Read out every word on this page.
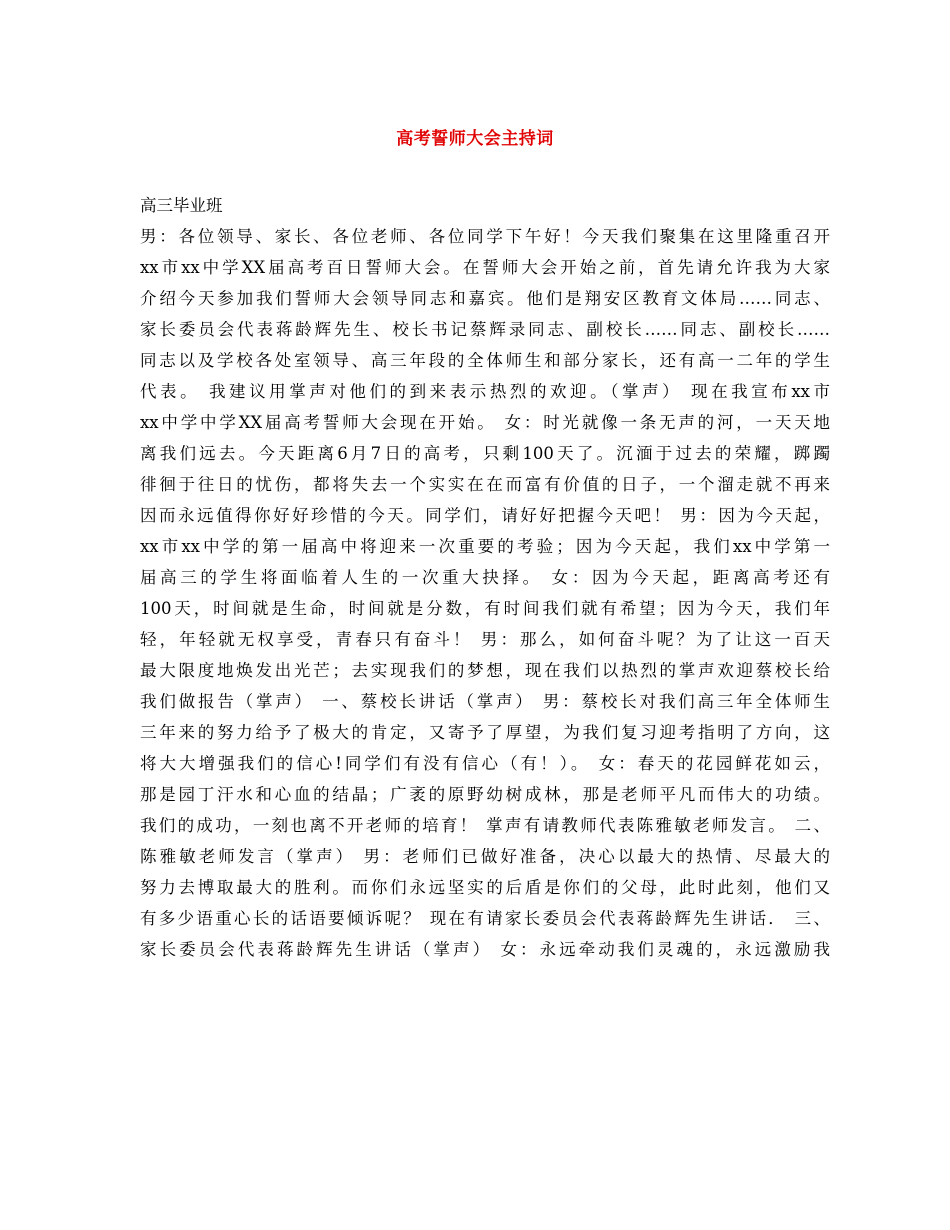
高考誓师大会主持词
高三毕业班
男：各位领导、家长、各位老师、各位同学下午好！今天我们聚集在这里隆重召开
xx市xx中学XX届高考百日誓师大会。在誓师大会开始之前，首先请允许我为大家
介绍今天参加我们誓师大会领导同志和嘉宾。他们是翔安区教育文体局……同志、
家长委员会代表蒋龄辉先生、校长书记蔡辉录同志、副校长……同志、副校长……
同志以及学校各处室领导、高三年段的全体师生和部分家长，还有高一二年的学生
代表。 我建议用掌声对他们的到来表示热烈的欢迎。（掌声） 现在我宣布xx市
xx中学中学XX届高考誓师大会现在开始。 女：时光就像一条无声的河，一天天地
离我们远去。今天距离6月7日的高考，只剩100天了。沉湎于过去的荣耀，踯躅
徘徊于往日的忧伤，都将失去一个实实在在而富有价值的日子，一个溜走就不再来
因而永远值得你好好珍惜的今天。同学们，请好好把握今天吧！ 男：因为今天起，
xx市xx中学的第一届高中将迎来一次重要的考验；因为今天起，我们xx中学第一
届高三的学生将面临着人生的一次重大抉择。 女：因为今天起，距离高考还有
100天，时间就是生命，时间就是分数，有时间我们就有希望；因为今天，我们年
轻，年轻就无权享受，青春只有奋斗！ 男：那么，如何奋斗呢？为了让这一百天
最大限度地焕发出光芒；去实现我们的梦想，现在我们以热烈的掌声欢迎蔡校长给
我们做报告（掌声） 一、蔡校长讲话（掌声） 男：蔡校长对我们高三年全体师生
三年来的努力给予了极大的肯定，又寄予了厚望，为我们复习迎考指明了方向，这
将大大增强我们的信心!同学们有没有信心（有！）。 女：春天的花园鲜花如云，
那是园丁汗水和心血的结晶；广袤的原野幼树成林，那是老师平凡而伟大的功绩。
我们的成功，一刻也离不开老师的培育！ 掌声有请教师代表陈雅敏老师发言。 二、
陈雅敏老师发言（掌声） 男：老师们已做好准备，决心以最大的热情、尽最大的
努力去博取最大的胜利。而你们永远坚实的后盾是你们的父母，此时此刻，他们又
有多少语重心长的话语要倾诉呢？ 现在有请家长委员会代表蒋龄辉先生讲话． 三、
家长委员会代表蒋龄辉先生讲话（掌声） 女：永远牵动我们灵魂的，永远激励我
